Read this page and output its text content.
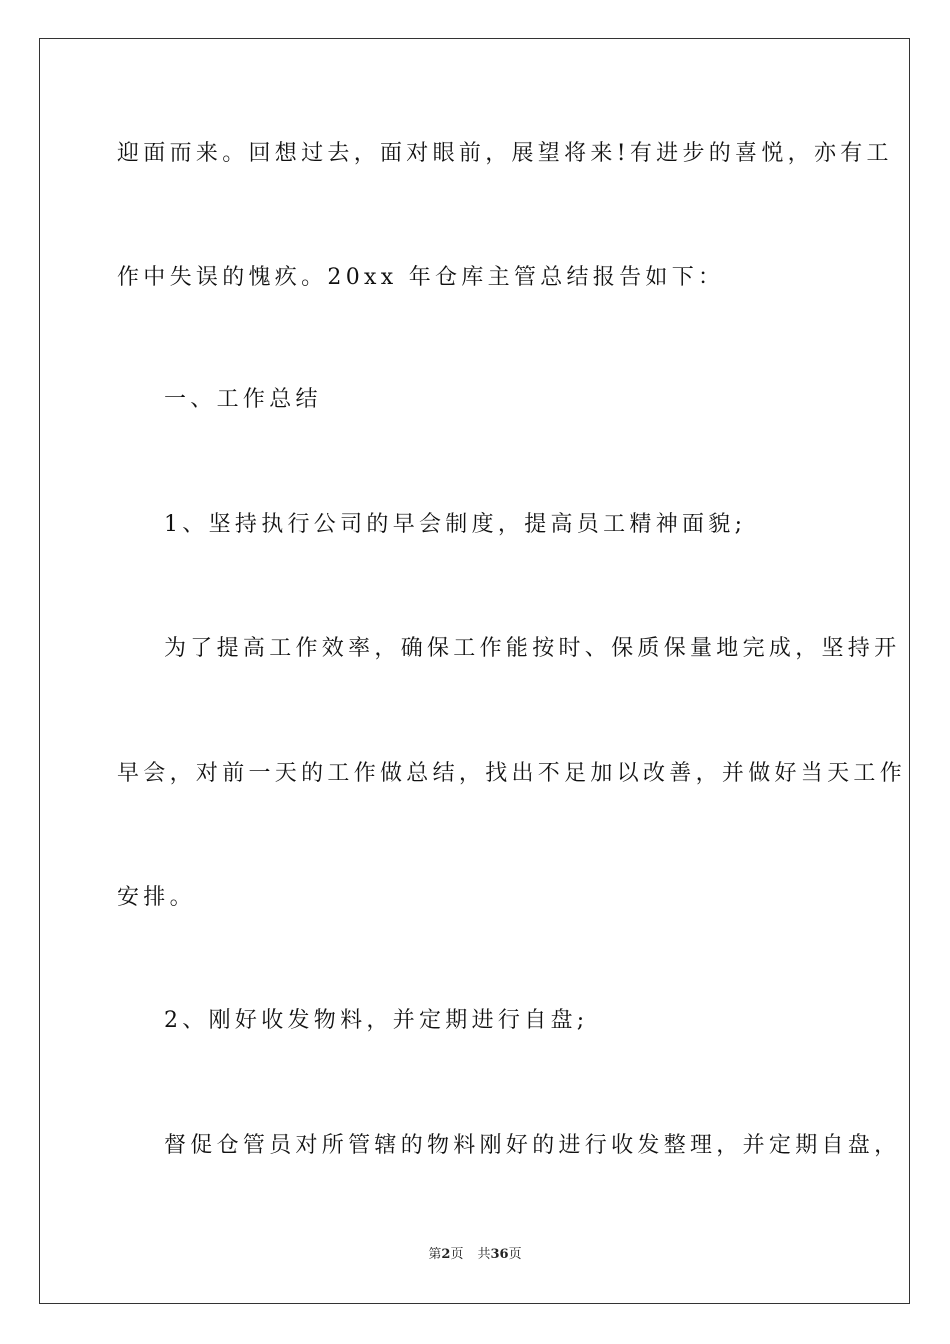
迎面而来。回想过去，面对眼前，展望将来!有进步的喜悦，亦有工
作中失误的愧疚。20xx 年仓库主管总结报告如下：
一、工作总结
1、坚持执行公司的早会制度，提高员工精神面貌;
为了提高工作效率，确保工作能按时、保质保量地完成，坚持开
早会，对前一天的工作做总结，找出不足加以改善，并做好当天工作
安排。
2、刚好收发物料，并定期进行自盘;
督促仓管员对所管辖的物料刚好的进行收发整理，并定期自盘，
第2页 共36页
